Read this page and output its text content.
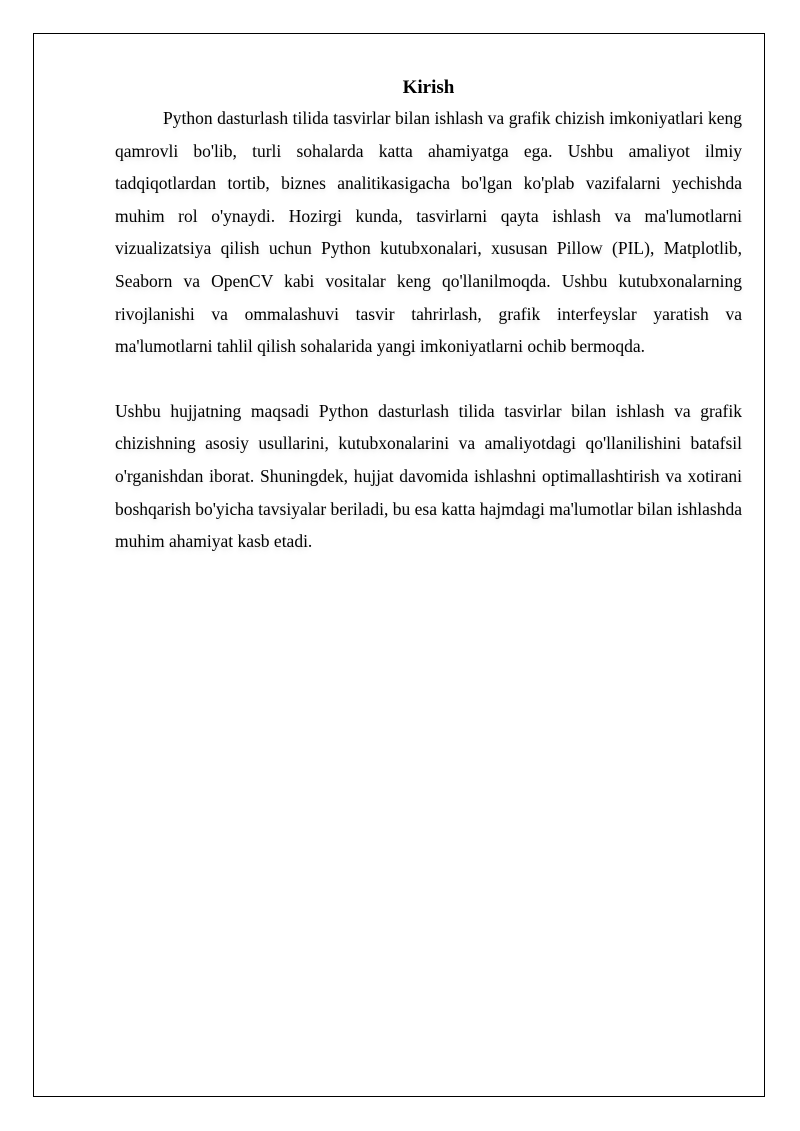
Kirish

Python dasturlash tilida tasvirlar bilan ishlash va grafik chizish imkoniyatlari keng qamrovli bo'lib, turli sohalarda katta ahamiyatga ega. Ushbu amaliyot ilmiy tadqiqotlardan tortib, biznes analitikasigacha bo'lgan ko'plab vazifalarni yechishda muhim rol o'ynaydi. Hozirgi kunda, tasvirlarni qayta ishlash va ma'lumotlarni vizualizatsiya qilish uchun Python kutubxonalari, xususan Pillow (PIL), Matplotlib, Seaborn va OpenCV kabi vositalar keng qo'llanilmoqda. Ushbu kutubxonalarning rivojlanishi va ommalashuvi tasvir tahrirlash, grafik interfeyslar yaratish va ma'lumotlarni tahlil qilish sohalarida yangi imkoniyatlarni ochib bermoqda.

Ushbu hujjatning maqsadi Python dasturlash tilida tasvirlar bilan ishlash va grafik chizishning asosiy usullarini, kutubxonalarini va amaliyotdagi qo'llanilishini batafsil o'rganishdan iborat. Shuningdek, hujjat davomida ishlashni optimallashtirish va xotirani boshqarish bo'yicha tavsiyalar beriladi, bu esa katta hajmdagi ma'lumotlar bilan ishlashda muhim ahamiyat kasb etadi.
